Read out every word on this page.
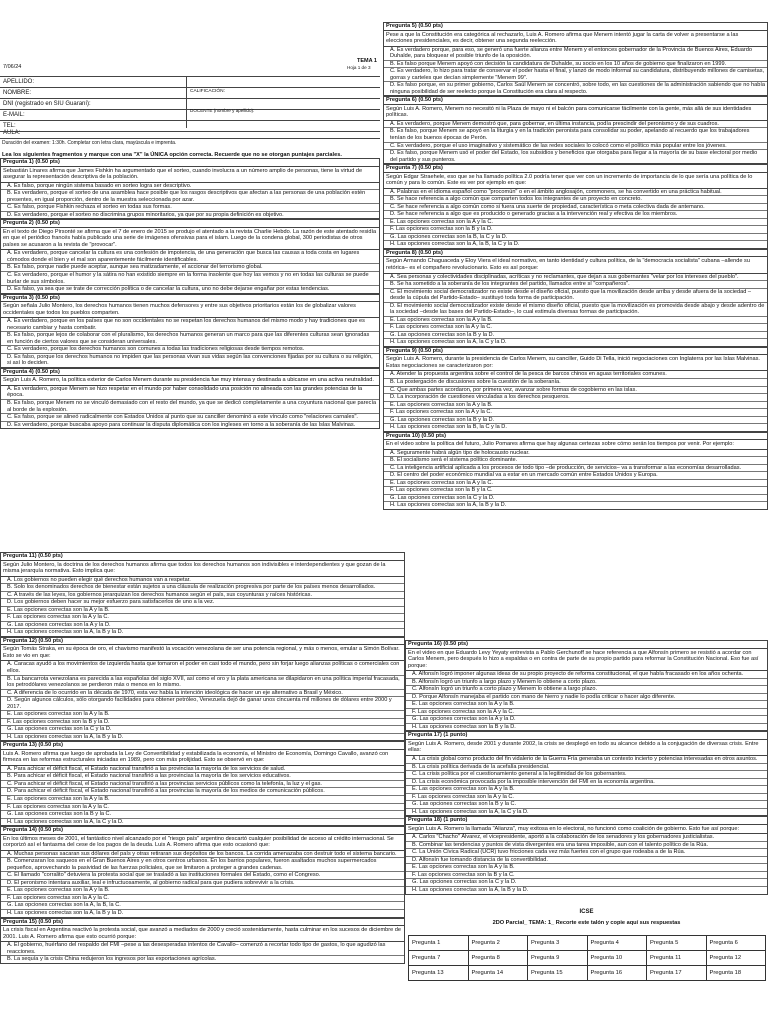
7/06/24
TEMA 1
Hoja 1 de 3
APELLIDO:
NOMBRE:
DNI (registrado en SIU Guaraní):
E-MAIL:
TEL:
CALIFICACIÓN:
DOCENTE (nombre y apellido):
AULA:
Duración del examen: 1:30h. Completar con letra clara, mayúscula e imprenta.
Lea los siguientes fragmentos y marque con una "X" la ÚNICA opción correcta. Recuerde que no se otorgan puntajes parciales.
Pregunta 1) (0.50 pts)
Sebastián Linares afirma que James Fishkin ha argumentado que el sorteo, cuando involucra a un número amplio de personas, tiene la virtud de asegurar la representación descriptiva de la población.
A. Es falso, porque ningún sistema basado en sorteo logra ser descriptivo.
B. Es verdadero, porque el sorteo de una asamblea hace posible que los rasgos descriptivos que afectan a las personas de una población estén presentes, en igual proporción, dentro de la muestra seleccionada por azar.
C. Es falso, porque Fishkin rechaza el sorteo en todas sus formas.
D. Es verdadero, porque el sorteo no discrimina grupos minoritarios, ya que por su propia definición es objetivo.
Pregunta 2) (0.50 pts)
En el texto de Diego Pirsonté se afirma que el 7 de enero de 2015 se produjo el atentado a la revista Charlie Hebdo. La razón de este atentado residía en que el periódico francés había publicado una serie de imágenes ofensivas para el islam. Luego de la condena global, 300 periodistas de otros países se acusaron a la revista de "provocar".
A. Es verdadero, porque cancelar la cultura es una confesión de impotencia, de una generación que busca las causas a toda costa en lugares cómodos donde el bien y el mal son aparentemente fácilmente identificables.
B. Es falso, porque nadie puede aceptar, aunque sea matizadamente, el accionar del terrorismo global.
C. Es verdadero, porque el humor y la sátira no han existido siempre en la forma insolente que hoy las vemos y no en todas las culturas se puede burlar de sus símbolos.
D. Es falso, ya sea que se trate de corrección política o de cancelar la cultura, uno no debe dejarse engañar por estas tendencias.
Pregunta 3) (0.50 pts)
Según señala Julio Montero, los derechos humanos tienen muchos defensores y entre sus objetivos prioritarios están los de globalizar valores occidentales que todos los pueblos comparten.
A. Es verdadero, porque en los países que no son occidentales no se respetan los derechos humanos del mismo modo y hay tradiciones que es necesario cambiar y hasta combatir.
B. Es falso, porque lejos de colaborar con el pluralismo, los derechos humanos generan un marco para que las diferentes culturas sean ignoradas en función de ciertos valores que se consideran universales.
C. Es verdadero, porque los derechos humanos son comunes a todas las tradiciones religiosas desde tiempos remotos.
D. Es falso, porque los derechos humanos no impiden que las personas vivan sus vidas según las convenciones fijadas por su cultura o su religión, si así lo deciden.
Pregunta 4) (0.50 pts)
Según Luis A. Romero, la política exterior de Carlos Menem durante su presidencia fue muy intensa y destinada a ubicarse en una activa neutralidad.
A. Es verdadero, porque Menem se hizo respetar en el mundo por haber consolidado una posición no alineada con las grandes potencias de la época.
B. Es falso, porque Menem no se vinculó demasiado con el resto del mundo, ya que se dedicó completamente a una coyuntura nacional que parecía al borde de la explosión.
C. Es falso, porque se alineó radicalmente con Estados Unidos al punto que su canciller denominó a este vínculo como "relaciones carnales".
D. Es verdadero, porque buscaba apoyo para continuar la disputa diplomática con los ingleses en torno a la soberanía de las Islas Malvinas.
Pregunta 5) (0.50 pts)
Pese a que la Constitución era categórica al rechazarlo, Luis A. Romero afirma que Menem intentó jugar la carta de volver a presentarse a las elecciones presidenciales, es decir, obtener una segunda reelección.
A. Es verdadero porque, para eso, se generó una fuerte alianza entre Menem y el entonces gobernador de la Provincia de Buenos Aires, Eduardo Duhalde, para bloquear el posible triunfo de la oposición.
B. Es falso porque Menem apoyó con decisión la candidatura de Duhalde, su socio en los 10 años de gobierno que finalizaron en 1999.
C. Es verdadero, lo hizo para tratar de conservar el poder hasta el final, y lanzó de modo informal su candidatura, distribuyendo millones de camisetas, gorras y carteles que decían simplemente "Menem 99".
D. Es falso porque, en su primer gobierno, Carlos Saúl Menem se concentró, sobre todo, en las cuestiones de la administración sabiendo que no había ninguna posibilidad de ser reelecto porque la Constitución era clara al respecto.
Pregunta 6) (0.50 pts)
Según Luis A. Romero, Menem no necesitó ni la Plaza de mayo ni el balcón para comunicarse fácilmente con la gente, más allá de sus identidades políticas.
A. Es verdadero, porque Menem demostró que, para gobernar, en última instancia, podía prescindir del peronismo y de sus cuadros.
B. Es falso, porque Menem se apoyó en la liturgia y en la tradición peronista para consolidar su poder, apelando al recuerdo que los trabajadores tenían de los buenos épocas de Perón.
C. Es verdadero, porque el uso imaginativo y sistemático de las redes sociales lo colocó como el político más popular entre los jóvenes.
D. Es falso, porque Menem usó el poder del Estado, los subsidios y beneficios que otorgaba para llegar a la mayoría de su base electoral por medio del partido y sus punteros.
Pregunta 7) (0.50 pts)
Según Edgar Straehele, eso que se ha llamado política 2.0 podría tener que ver con un incremento de importancia de lo que sería una política de lo común y para lo común. Este es ver por ejemplo en que:
A. Palabras en el idioma español como "procomún" o en el ámbito anglosajón, commoners, se ha convertido en una práctica habitual.
B. Se hace referencia a algo común que comparten todos los integrantes de un proyecto en concreto.
C. Se hace referencia a algo común como si fuera una suerte de propiedad, característica o meta colectiva dada de antemano.
D. Se hace referencia a algo que es producido o generado gracias a la intervención real y efectiva de los miembros.
E. Las opciones correctas son la A y la C.
F. Las opciones correctas son la B y la D.
G. Las opciones correctas son la B, la C y la D.
H. Las opciones correctas son la A, la B, la C y la D.
Pregunta 8) (0.50 pts)
Según Armando Chaguaceda y Eloy Viera el ideal normativo, en tanto identidad y cultura política, de la "democracia socialista" cubana –allende su retórica– es el compañero revolucionario. Esto es así porque:
A. Sea personas y colectividades disciplinadas, acríticas y no reclamantes, que dejan a sus gobernantes "velar por los intereses del pueblo".
B. Se ha sometido a la soberanía de los integrantes del partido, llamados entre sí "compañeros".
C. El movimiento social democratizador no existe desde el diseño oficial, puesto que la movilización desde arriba y desde afuera de la sociedad –desde la cúpula del Partido-Estado– sustituyó toda forma de participación.
D. El movimiento social democratizador existe desde el mismo diseño oficial, puesto que la movilización es promovida desde abajo y desde adentro de la sociedad –desde las bases del Partido-Estado–, lo cual estimula diversas formas de participación.
E. Las opciones correctas son la A y la B.
F. Las opciones correctas son la A y la C.
G. Las opciones correctas son la B y la D.
H. Las opciones correctas son la A, la C y la D.
Pregunta 9) (0.50 pts)
Según Luis A. Romero, durante la presidencia de Carlos Menem, su canciller, Guido Di Tella, inició negociaciones con Inglaterra por las Islas Malvinas. Estas negociaciones se caracterizaron por:
A. Atender la propuesta argentina sobre el control de la pesca de barcos chinos en aguas territoriales comunes.
B. La postergación de discusiones sobre la cuestión de la soberanía.
C. Que ambas partes acordaron, por primera vez, avanzar sobre formas de cogobierno en las islas.
D. La incorporación de cuestiones vinculadas a los derechos pesqueros.
E. Las opciones correctas son la A y la B.
F. Las opciones correctas son la A y la C.
G. Las opciones correctas son la B y la D.
H. Las opciones correctas son la B, la C y la D.
Pregunta 10) (0.50 pts)
En el video sobre la política del futuro, Julio Pomares afirma que hay algunas certezas sobre cómo serán los tiempos por venir. Por ejemplo:
A. Seguramente habrá algún tipo de holocausto nuclear.
B. El socialismo será el sistema político dominante.
C. La inteligencia artificial aplicada a los procesos de todo tipo –de producción, de servicios– va a transformar a las economías desarrolladas.
D. El centro del poder económico mundial va a estar en un mercado común entre Estados Unidos y Europa.
E. Las opciones correctas son la A y la C.
F. Las opciones correctas son la B y la C.
G. Las opciones correctas son la C y la D.
H. Las opciones correctas son la A, la B y la D.
Pregunta 11) (0.50 pts)
Según Julio Montero, la doctrina de los derechos humanos afirma que todos los derechos humanos son indivisibles e interdependientes y que gozan de la misma jerarquía normativa. Esto implica que:
A. Los gobiernos no pueden elegir qué derechos humanos van a respetar.
B. Solo los denominados derechos de bienestar están sujetos a una cláusula de realización progresiva por parte de los países menos desarrollados.
C. A través de las leyes, los gobiernos jerarquizan los derechos humanos según el país, sus coyunturas y raíces históricas.
D. Los gobiernos deben hacer su mejor esfuerzo para satisfacerlos de uno a la vez.
E. Las opciones correctas son la A y la B.
F. Las opciones correctas son la A y la C.
G. Las opciones correctas son la A y la D.
H. Las opciones correctas son la A, la B y la D.
Pregunta 12) (0.50 pts)
Según Tomás Straka, en su época de oro, el chavismo manifestó la vocación venezolana de ser una potencia regional, y más o menos, emular a Simón Bolívar. Esto se vio en que:
A. Caracas ayudó a los movimientos de izquierda hasta que tomaron el poder en casi todo el mundo, pero sin forjar luego alianzas políticas o comerciales con ellos.
B. La bancarrota venezolana es parecida a las españolas del siglo XVII, así como el oro y la plata americana se dilapidaron en una política imperial fracasada, los petrodólares venezolanos se perdieron más o menos en lo mismo.
C. A diferencia de lo ocurrido en la década de 1970, esta vez había la intención ideológica de hacer un eje alternativo a Brasil y México.
D. Según algunos cálculos, sólo otorgando facilidades para obtener petróleo, Venezuela dejó de ganar unos cincuenta mil millones de dólares entre 2000 y 2017.
E. Las opciones correctas son la A y la B.
F. Las opciones correctas son la B y la D.
G. Las opciones correctas son la C y la D.
H. Las opciones correctas son la A, la B y la D.
Pregunta 13) (0.50 pts)
Luis A. Romero afirma que luego de aprobada la Ley de Convertibilidad y estabilizada la economía, el Ministro de Economía, Domingo Cavallo, avanzó con firmeza en las reformas estructurales iniciadas en 1989, pero con más prolijidad. Esto se observó en que:
A. Para achicar el déficit fiscal, el Estado nacional transfirió a las provincias la mayoría de los servicios de salud.
B. Para achicar el déficit fiscal, el Estado nacional transfirió a las provincias la mayoría de los servicios educativos.
C. Para achicar el déficit fiscal, el Estado nacional transfirió a las provincias servicios públicos como la telefonía, la luz y el gas.
D. Para achicar el déficit fiscal, el Estado nacional transfirió a las provincias la mayoría de los medios de comunicación públicos.
E. Las opciones correctas son la A y la B.
F. Las opciones correctas son la A y la C.
G. Las opciones correctas son la B y la C.
H. Las opciones correctas son la A, la C y la D.
Pregunta 14) (0.50 pts)
En los últimos meses de 2001, el fantástico nivel alcanzado por el "riesgo país" argentino descartó cualquier posibilidad de acceso al crédito internacional. Se corporizó así el fantasma del cese de los pagos de la deuda. Luis A. Romero afirma que esto ocasionó que:
A. Muchas personas sacaran sus dólares del país y otras retiraran sus depósitos de los bancos. La corrida amenazaba con destruir todo el sistema bancario.
B. Comenzaran los saqueos en el Gran Buenos Aires y en otros centros urbanos. En los barrios populares, fueron asaltados muchos supermercados pequeños, aprovechando la pasividad de las fuerzas policiales, que se limitaron a proteger a grandes cadenas.
C. El llamado "corralito" detuviera la protesta social que se trasladó a las instituciones formales del Estado, como el Congreso.
D. El peronismo intentara auxiliar, leal e infructuosamente, al gobierno radical para que pudiera sobrevivir a la crisis.
E. Las opciones correctas son la A y la B.
F. Las opciones correctas son la A y la C.
G. Las opciones correctas son la A, la B, la C.
H. Las opciones correctas son la A, la B y la D.
Pregunta 15) (0.50 pts)
La crisis fiscal en Argentina reactivó la protesta social, que avanzó a mediados de 2000 y creció sostenidamente, hasta culminar en los sucesos de diciembre de 2001. Luis A. Romero afirma que esto ocurrió porque:
A. El gobierno, huérfano del respaldo del FMI –pese a las desesperadas intentos de Cavallo– comenzó a recortar todo tipo de gastos, lo que agudizó las reacciones.
B. La sequía y la crisis China redujeron los ingresos por las exportaciones agrícolas.
Pregunta 16) (0.50 pts)
En el video en que Eduardo Levy Yeyaty entrevista a Pablo Gerchunoff se hace referencia a que Alfonsín primero se resistió a acordar con Carlos Menem, pero después lo hizo a espaldas o en contra de parte de su propio partido para reformar la Constitución Nacional. Eso fue así porque:
A. Alfonsín logró imponer algunas ideas de su propio proyecto de reforma constitucional, el que había fracasado en los años ochenta.
B. Alfonsín logró un triunfo a largo plazo y Menem lo obtiene a corto plazo.
C. Alfonsín logró un triunfo a corto plazo y Menem lo obtiene a largo plazo.
D. Porque Alfonsín manejaba el partido con mano de hierro y nadie lo podía criticar o hacer algo diferente.
E. Las opciones correctas son la A y la B.
F. Las opciones correctas son la A y la C.
G. Las opciones correctas son la A y la D.
H. Las opciones correctas son la B y la D.
Pregunta 17) (1 punto)
Según Luis A. Romero, desde 2001 y durante 2002, la crisis se desplegó en todo su alcance debido a la conjugación de diversas crisis. Entre ellas:
A. La crisis global como producto del fin vidalerio de la Guerra Fría generaba un contexto incierto y potencias interesadas en otros asuntos.
B. La crisis política derivada de la acefalía presidencial.
C. La crisis política por el cuestionamiento general a la legitimidad de los gobernantes.
D. La crisis económica provocada por la imposible intervención del FMI en la economía argentina.
E. Las opciones correctas son la A y la B.
F. Las opciones correctas son la A y la C.
G. Las opciones correctas son la B y la C.
H. Las opciones correctas son la A, la C y la D.
Pregunta 18) (1 punto)
Según Luis A. Romero la llamada "Alianza", muy exitosa en lo electoral, no funcionó como coalición de gobierno. Esto fue así porque:
A. Carlos "Chacho" Álvarez, el vicepresidente, aportó a la colaboración de los senadores y los gobernadores justicialistas.
B. Combinar las tendencias y puntos de vista divergentes era una tarea imposible, aun con el talento político de la Rúa.
C. La Unión Cívica Radical (UCR) tuvo fricciones cada vez más fuertes con el grupo que rodeaba a de la Rúa.
D. Alfonsín fue tomando distancia de la convertibilidad.
E. Las opciones correctas son la A y la B.
F. Las opciones correctas son la B y la C.
G. Las opciones correctas son la C y la D.
H. Las opciones correctas son la A, la B y la D.
ICSE
2DO Parcial_ TEMA: 1_ Recorte este talón y copie aquí sus respuestas
Pregunta 1	Pregunta 2	Pregunta 3	Pregunta 4	Pregunta 5	Pregunta 6
Pregunta 7	Pregunta 8	Pregunta 9	Pregunta 10	Pregunta 11	Pregunta 12
Pregunta 13	Pregunta 14	Pregunta 15	Pregunta 16	Pregunta 17	Pregunta 18
